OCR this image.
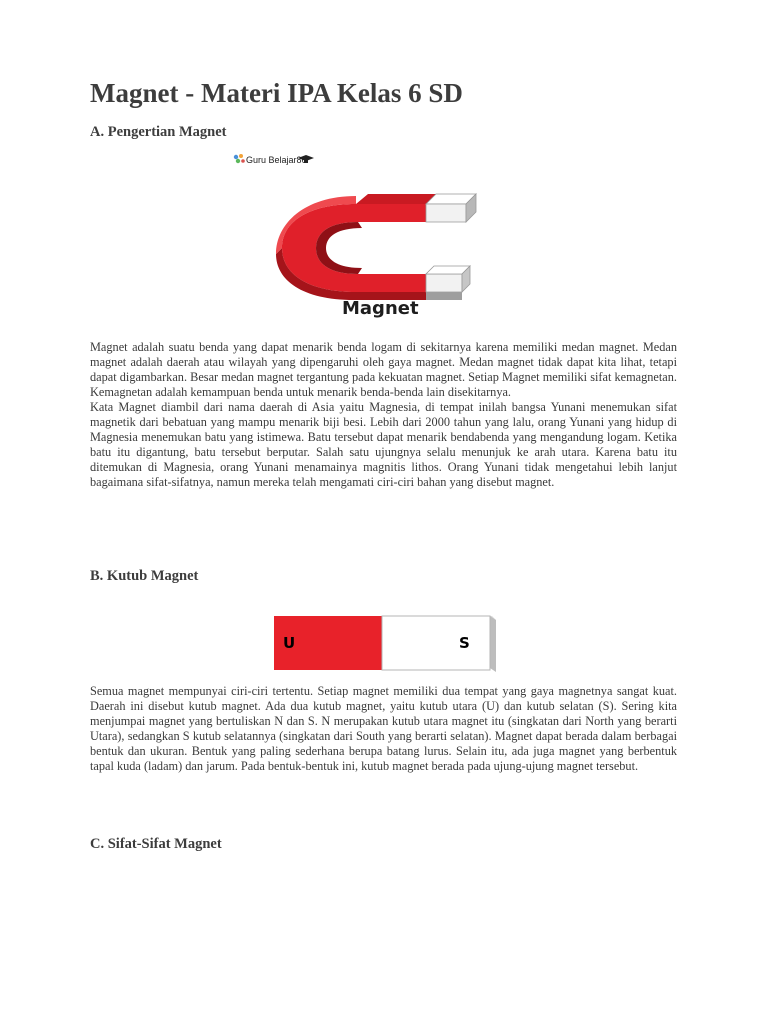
Magnet - Materi IPA Kelas 6 SD
A. Pengertian Magnet
Guru Belajar86
Magnet

Magnet adalah suatu benda yang dapat menarik benda logam di sekitarnya karena memiliki medan magnet. Medan magnet adalah daerah atau wilayah yang dipengaruhi oleh gaya magnet. Medan magnet tidak dapat kita lihat, tetapi dapat digambarkan. Besar medan magnet tergantung pada kekuatan magnet. Setiap Magnet memiliki sifat kemagnetan. Kemagnetan adalah kemampuan benda untuk menarik benda-benda lain disekitarnya.

Kata Magnet diambil dari nama daerah di Asia yaitu Magnesia, di tempat inilah bangsa Yunani menemukan sifat magnetik dari bebatuan yang mampu menarik biji besi. Lebih dari 2000 tahun yang lalu, orang Yunani yang hidup di Magnesia menemukan batu yang istimewa. Batu tersebut dapat menarik bendabenda yang mengandung logam. Ketika batu itu digantung, batu tersebut berputar. Salah satu ujungnya selalu menunjuk ke arah utara. Karena batu itu ditemukan di Magnesia, orang Yunani menamainya magnitis lithos. Orang Yunani tidak mengetahui lebih lanjut bagaimana sifat-sifatnya, namun mereka telah mengamati ciri-ciri bahan yang disebut magnet.

B. Kutub Magnet
U	S

Semua magnet mempunyai ciri-ciri tertentu. Setiap magnet memiliki dua tempat yang gaya magnetnya sangat kuat. Daerah ini disebut kutub magnet. Ada dua kutub magnet, yaitu kutub utara (U) dan kutub selatan (S). Sering kita menjumpai magnet yang bertuliskan N dan S. N merupakan kutub utara magnet itu (singkatan dari North yang berarti Utara), sedangkan S kutub selatannya (singkatan dari South yang berarti selatan). Magnet dapat berada dalam berbagai bentuk dan ukuran. Bentuk yang paling sederhana berupa batang lurus. Selain itu, ada juga magnet yang berbentuk tapal kuda (ladam) dan jarum. Pada bentuk-bentuk ini, kutub magnet berada pada ujung-ujung magnet tersebut.

C. Sifat-Sifat Magnet
